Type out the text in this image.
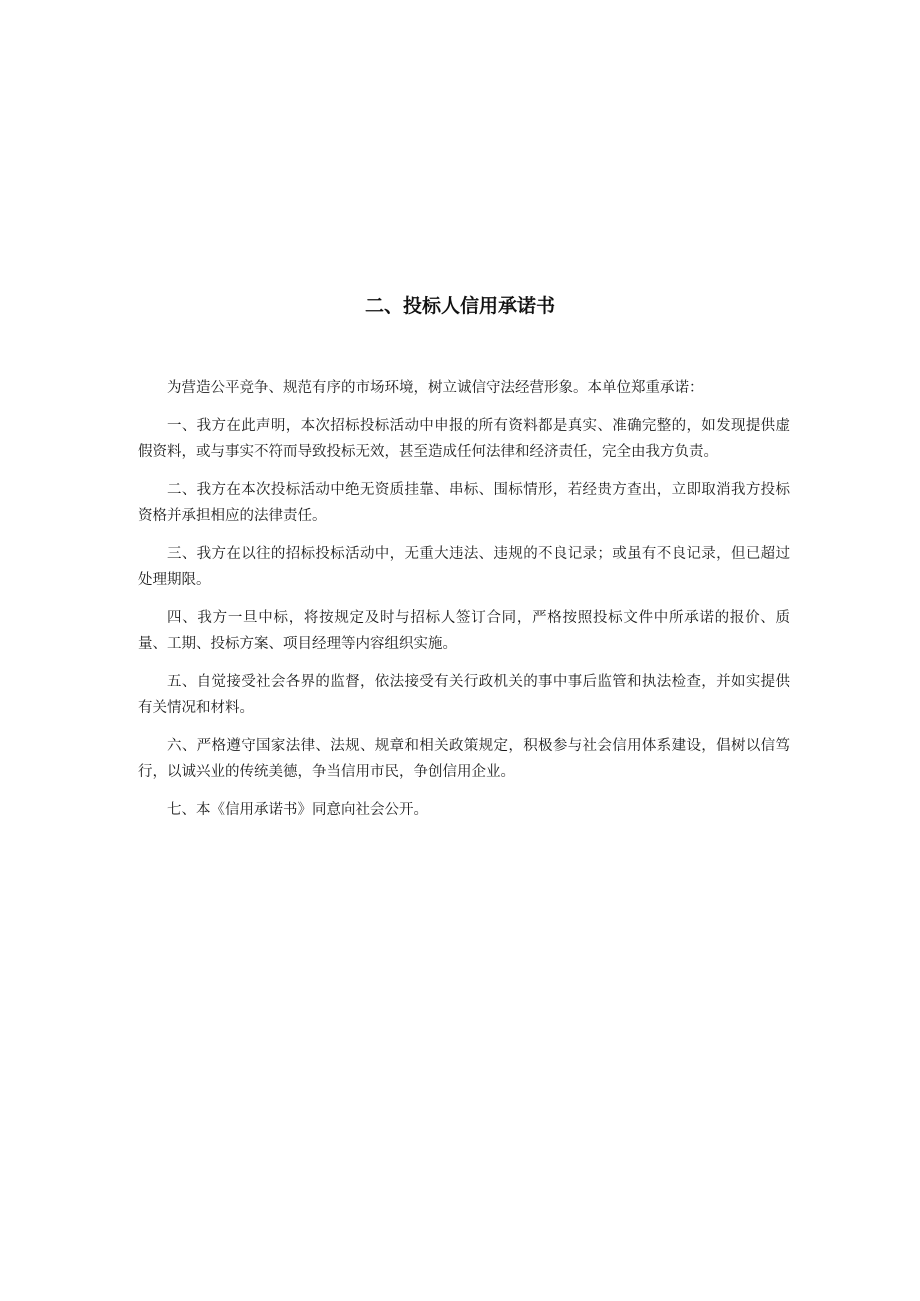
二、投标人信用承诺书

为营造公平竞争、规范有序的市场环境，树立诚信守法经营形象。本单位郑重承诺：

一、我方在此声明，本次招标投标活动中申报的所有资料都是真实、准确完整的，如发现提供虚假资料，或与事实不符而导致投标无效，甚至造成任何法律和经济责任，完全由我方负责。

二、我方在本次投标活动中绝无资质挂靠、串标、围标情形，若经贵方查出，立即取消我方投标资格并承担相应的法律责任。

三、我方在以往的招标投标活动中，无重大违法、违规的不良记录；或虽有不良记录，但已超过处理期限。

四、我方一旦中标，将按规定及时与招标人签订合同，严格按照投标文件中所承诺的报价、质量、工期、投标方案、项目经理等内容组织实施。

五、自觉接受社会各界的监督，依法接受有关行政机关的事中事后监管和执法检查，并如实提供有关情况和材料。

六、严格遵守国家法律、法规、规章和相关政策规定，积极参与社会信用体系建设，倡树以信笃行，以诚兴业的传统美德，争当信用市民，争创信用企业。

七、本《信用承诺书》同意向社会公开。
